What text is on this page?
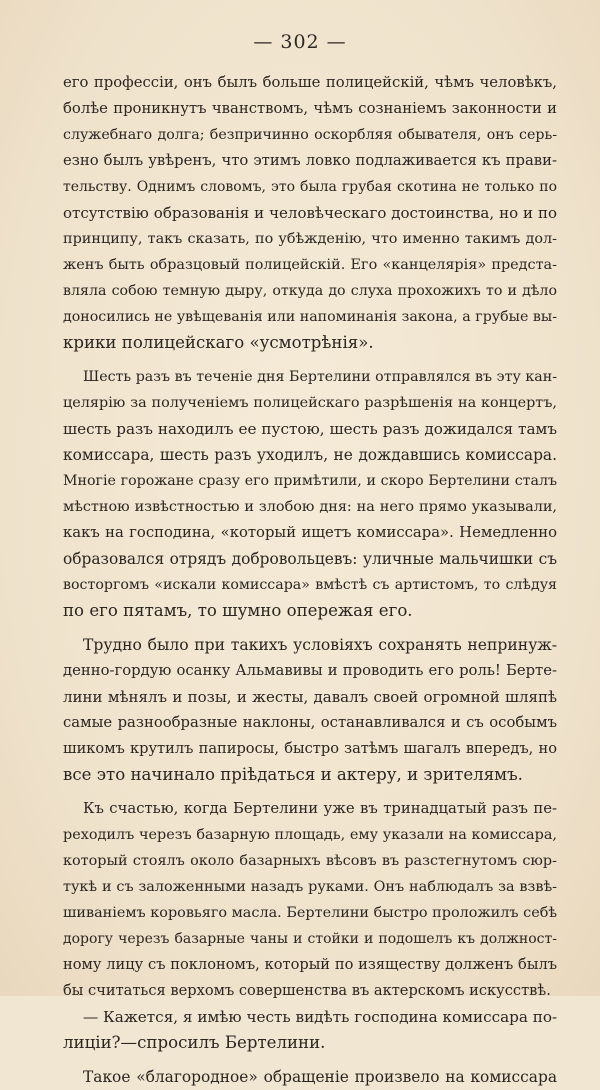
— 302 —
его профессіи, онъ былъ больше полицейскій, чѣмъ человѣкъ,
болѣе проникнутъ чванствомъ, чѣмъ сознаніемъ законности и
служебнаго долга; безпричинно оскорбляя обывателя, онъ серь-
езно былъ увѣренъ, что этимъ ловко подлаживается къ прави-
тельству. Однимъ словомъ, это была грубая скотина не только по
отсутствію образованія и человѣческаго достоинства, но и по
принципу, такъ сказать, по убѣжденію, что именно такимъ дол-
женъ быть образцовый полицейскій. Его «канцелярія» предста-
вляла собою темную дыру, откуда до слуха прохожихъ то и дѣло
доносились не увѣщеванія или напоминанія закона, а грубые вы-
крики полицейскаго «усмотрѣнія».
Шесть разъ въ теченіе дня Бертелини отправлялся въ эту кан-
целярію за полученіемъ полицейскаго разрѣшенія на концертъ,
шесть разъ находилъ ее пустою, шесть разъ дожидался тамъ
комиссара, шесть разъ уходилъ, не дождавшись комиссара.
Многіе горожане сразу его примѣтили, и скоро Бертелини сталъ
мѣстною извѣстностью и злобою дня: на него прямо указывали,
какъ на господина, «который ищетъ комиссара». Немедленно
образовался отрядъ добровольцевъ: уличные мальчишки съ
восторгомъ «искали комиссара» вмѣстѣ съ артистомъ, то слѣдуя
по его пятамъ, то шумно опережая его.
Трудно было при такихъ условіяхъ сохранять непринуж-
денно-гордую осанку Альмавивы и проводить его роль! Берте-
лини мѣнялъ и позы, и жесты, давалъ своей огромной шляпѣ
самые разнообразные наклоны, останавливался и съ особымъ
шикомъ крутилъ папиросы, быстро затѣмъ шагалъ впередъ, но
все это начинало пріѣдаться и актеру, и зрителямъ.
Къ счастью, когда Бертелини уже въ тринадцатый разъ пе-
реходилъ черезъ базарную площадь, ему указали на комиссара,
который стоялъ около базарныхъ вѣсовъ въ разстегнутомъ сюр-
тукѣ и съ заложенными назадъ руками. Онъ наблюдалъ за взвѣ-
шиваніемъ коровьяго масла. Бертелини быстро проложилъ себѣ
дорогу черезъ базарные чаны и стойки и подошелъ къ должност-
ному лицу съ поклономъ, который по изяществу долженъ былъ
бы считаться верхомъ совершенства въ актерскомъ искусствѣ.
— Кажется, я имѣю честь видѣть господина комиссара по-
лиціи?—спросилъ Бертелини.
Такое «благородное» обращеніе произвело на комиссара
